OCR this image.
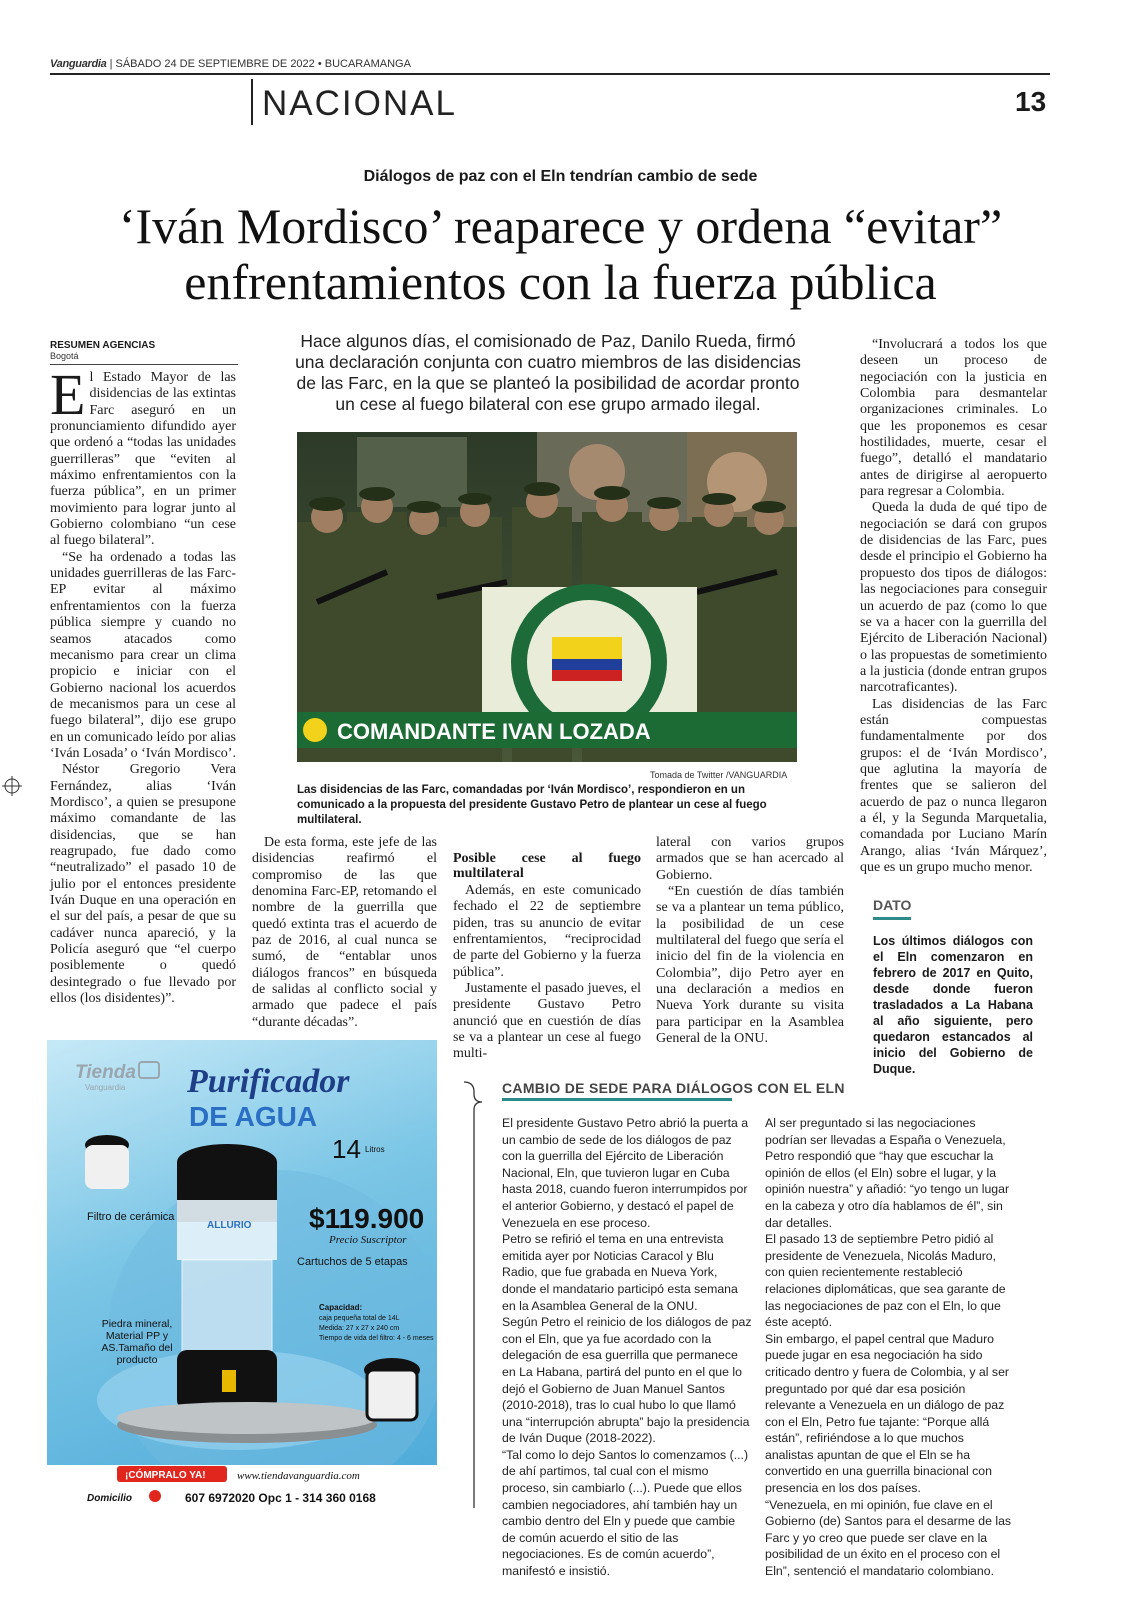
Vanguardia | SÁBADO 24 DE SEPTIEMBRE DE 2022 • BUCARAMANGA
NACIONAL	13
Diálogos de paz con el Eln tendrían cambio de sede
‘Iván Mordisco’ reaparece y ordena “evitar”
enfrentamientos con la fuerza pública
RESUMEN AGENCIAS
Bogotá

El Estado Mayor de las disidencias de las extintas Farc aseguró en un pronunciamiento difundido ayer que ordenó a “todas las unidades guerrilleras” que “eviten al máximo enfrentamientos con la fuerza pública”, en un primer movimiento para lograr junto al Gobierno colombiano “un cese al fuego bilateral”.

“Se ha ordenado a todas las unidades guerrilleras de las Farc-EP evitar al máximo enfrentamientos con la fuerza pública siempre y cuando no seamos atacados como mecanismo para crear un clima propicio e iniciar con el Gobierno nacional los acuerdos de mecanismos para un cese al fuego bilateral”, dijo ese grupo en un comunicado leído por alias ‘Iván Losada’ o ‘Iván Mordisco’.

Néstor Gregorio Vera Fernández, alias ‘Iván Mordisco’, a quien se presupone máximo comandante de las disidencias, que se han reagrupado, fue dado como “neutralizado” el pasado 10 de julio por el entonces presidente Iván Duque en una operación en el sur del país, a pesar de que su cadáver nunca apareció, y la Policía aseguró que “el cuerpo posiblemente o quedó desintegrado o fue llevado por ellos (los disidentes)”.

Hace algunos días, el comisionado de Paz, Danilo Rueda, firmó una declaración conjunta con cuatro miembros de las disidencias de las Farc, en la que se planteó la posibilidad de acordar pronto un cese al fuego bilateral con ese grupo armado ilegal.
COMANDANTE IVAN LOZADA
Tomada de Twitter /VANGUARDIA
Las disidencias de las Farc, comandadas por ‘Iván Mordisco’, respondieron en un comunicado a la propuesta del presidente Gustavo Petro de plantear un cese al fuego multilateral.

De esta forma, este jefe de las disidencias reafirmó el compromiso de las que denomina Farc-EP, retomando el nombre de la guerrilla que quedó extinta tras el acuerdo de paz de 2016, al cual nunca se sumó, de “entablar unos diálogos francos” en búsqueda de salidas al conflicto social y armado que padece el país “durante décadas”.

Posible cese al fuego multilateral

Además, en este comunicado fechado el 22 de septiembre piden, tras su anuncio de evitar enfrentamientos, “reciprocidad de parte del Gobierno y la fuerza pública”.

Justamente el pasado jueves, el presidente Gustavo Petro anunció que en cuestión de días se va a plantear un cese al fuego multi-

lateral con varios grupos armados que se han acercado al Gobierno.

“En cuestión de días también se va a plantear un tema público, la posibilidad de un cese multilateral del fuego que sería el inicio del fin de la violencia en Colombia”, dijo Petro ayer en una declaración a medios en Nueva York durante su visita para participar en la Asamblea General de la ONU.

“Involucrará a todos los que deseen un proceso de negociación con la justicia en Colombia para desmantelar organizaciones criminales. Lo que les proponemos es cesar hostilidades, muerte, cesar el fuego”, detalló el mandatario antes de dirigirse al aeropuerto para regresar a Colombia.

Queda la duda de qué tipo de negociación se dará con grupos de disidencias de las Farc, pues desde el principio el Gobierno ha propuesto dos tipos de diálogos: las negociaciones para conseguir un acuerdo de paz (como lo que se va a hacer con la guerrilla del Ejército de Liberación Nacional) o las propuestas de sometimiento a la justicia (donde entran grupos narcotraficantes).

Las disidencias de las Farc están compuestas fundamentalmente por dos grupos: el de ‘Iván Mordisco’, que aglutina la mayoría de frentes que se salieron del acuerdo de paz o nunca llegaron a él, y la Segunda Marquetalia, comandada por Luciano Marín Arango, alias ‘Iván Márquez’, que es un grupo mucho menor.

DATO
Los últimos diálogos con el Eln comenzaron en febrero de 2017 en Quito, desde donde fueron trasladados a La Habana al año siguiente, pero quedaron estancados al inicio del Gobierno de Duque.
Tienda
Vanguardia Purificador
DE AGUA
14 Litros
$119.900
Precio Suscriptor
ALLURIO
Filtro de cerámica
Cartuchos de 5 etapas
Piedra mineral, Material PP y AS.Tamaño del producto
Capacidad:
caja pequeña total de 14L
Medida: 27 x 27 x 240 cm
Tiempo de vida del filtro: 4 - 6 meses
¡CÓMPRALO YA!	www.tiendavanguardia.com
Domicilio	607 6972020 Opc 1 - 314 360 0168
CAMBIO DE SEDE PARA DIÁLOGOS CON EL ELN

El presidente Gustavo Petro abrió la puerta a un cambio de sede de los diálogos de paz con la guerrilla del Ejército de Liberación Nacional, Eln, que tuvieron lugar en Cuba hasta 2018, cuando fueron interrumpidos por el anterior Gobierno, y destacó el papel de Venezuela en ese proceso.

Petro se refirió el tema en una entrevista emitida ayer por Noticias Caracol y Blu Radio, que fue grabada en Nueva York, donde el mandatario participó esta semana en la Asamblea General de la ONU.

Según Petro el reinicio de los diálogos de paz con el Eln, que ya fue acordado con la delegación de esa guerrilla que permanece en La Habana, partirá del punto en el que lo dejó el Gobierno de Juan Manuel Santos (2010-2018), tras lo cual hubo lo que llamó una “interrupción abrupta” bajo la presidencia de Iván Duque (2018-2022).

“Tal como lo dejo Santos lo comenzamos (...) de ahí partimos, tal cual con el mismo proceso, sin cambiarlo (...). Puede que ellos cambien negociadores, ahí también hay un cambio dentro del Eln y puede que cambie de común acuerdo el sitio de las negociaciones. Es de común acuerdo”, manifestó e insistió.

Al ser preguntado si las negociaciones podrían ser llevadas a España o Venezuela, Petro respondió que “hay que escuchar la opinión de ellos (el Eln) sobre el lugar, y la opinión nuestra” y añadió: “yo tengo un lugar en la cabeza y otro día hablamos de él”, sin dar detalles.

El pasado 13 de septiembre Petro pidió al presidente de Venezuela, Nicolás Maduro, con quien recientemente restableció relaciones diplomáticas, que sea garante de las negociaciones de paz con el Eln, lo que éste aceptó.

Sin embargo, el papel central que Maduro puede jugar en esa negociación ha sido criticado dentro y fuera de Colombia, y al ser preguntado por qué dar esa posición relevante a Venezuela en un diálogo de paz con el Eln, Petro fue tajante: “Porque allá están”, refiriéndose a lo que muchos analistas apuntan de que el Eln se ha convertido en una guerrilla binacional con presencia en los dos países.

“Venezuela, en mi opinión, fue clave en el Gobierno (de) Santos para el desarme de las Farc y yo creo que puede ser clave en la posibilidad de un éxito en el proceso con el Eln”, sentenció el mandatario colombiano.
